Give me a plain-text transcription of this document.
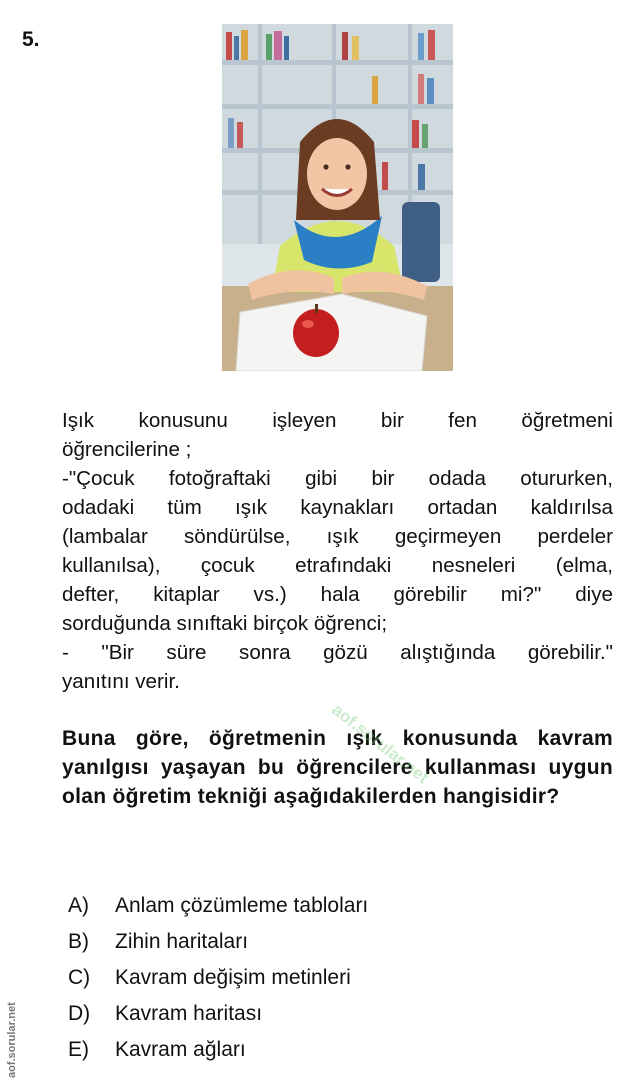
5.

Işık konusunu işleyen bir fen öğretmeni

öğrencilerine ;

-"Çocuk fotoğraftaki gibi bir odada otururken,

odadaki tüm ışık kaynakları ortadan kaldırılsa

(lambalar söndürülse, ışık geçirmeyen perdeler

kullanılsa), çocuk etrafındaki nesneleri (elma,

defter, kitaplar vs.) hala görebilir mi?" diye

sorduğunda sınıftaki birçok öğrenci;

- "Bir süre sonra gözü alıştığında görebilir."

yanıtını verir.

Buna göre, öğretmenin ışık konusunda kavram yanılgısı yaşayan bu öğrencilere kullanması uygun olan öğretim tekniği aşağıdakilerden hangisidir?
A) Anlam çözümleme tabloları
B) Zihin haritaları
C) Kavram değişim metinleri
D) Kavram haritası
E) Kavram ağları
aof.sorular.net
aof.sorular.net
